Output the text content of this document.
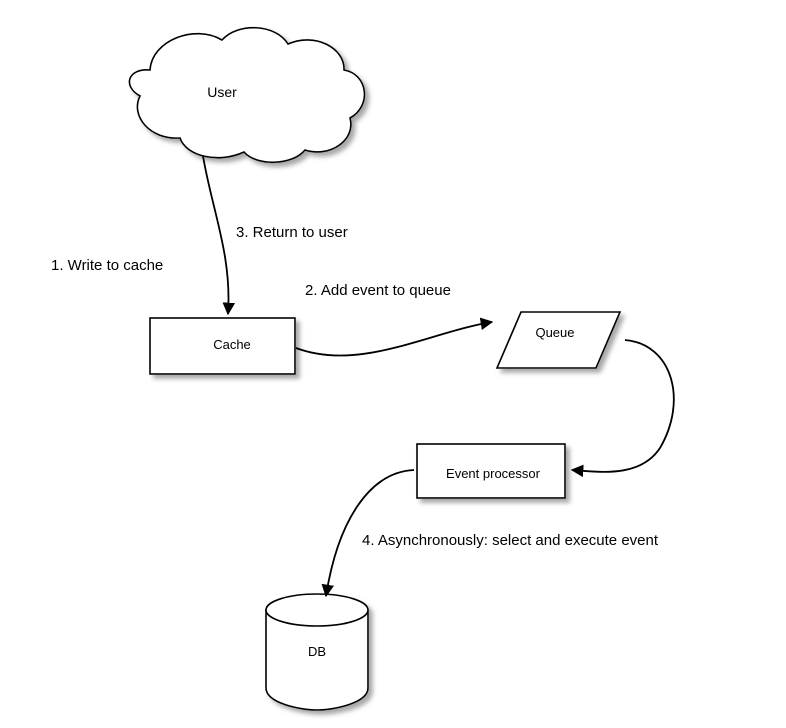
User
Cache
Queue
Event processor
DB
1. Write to cache
2. Add event to queue
3. Return to user
4. Asynchronously: select and execute event
